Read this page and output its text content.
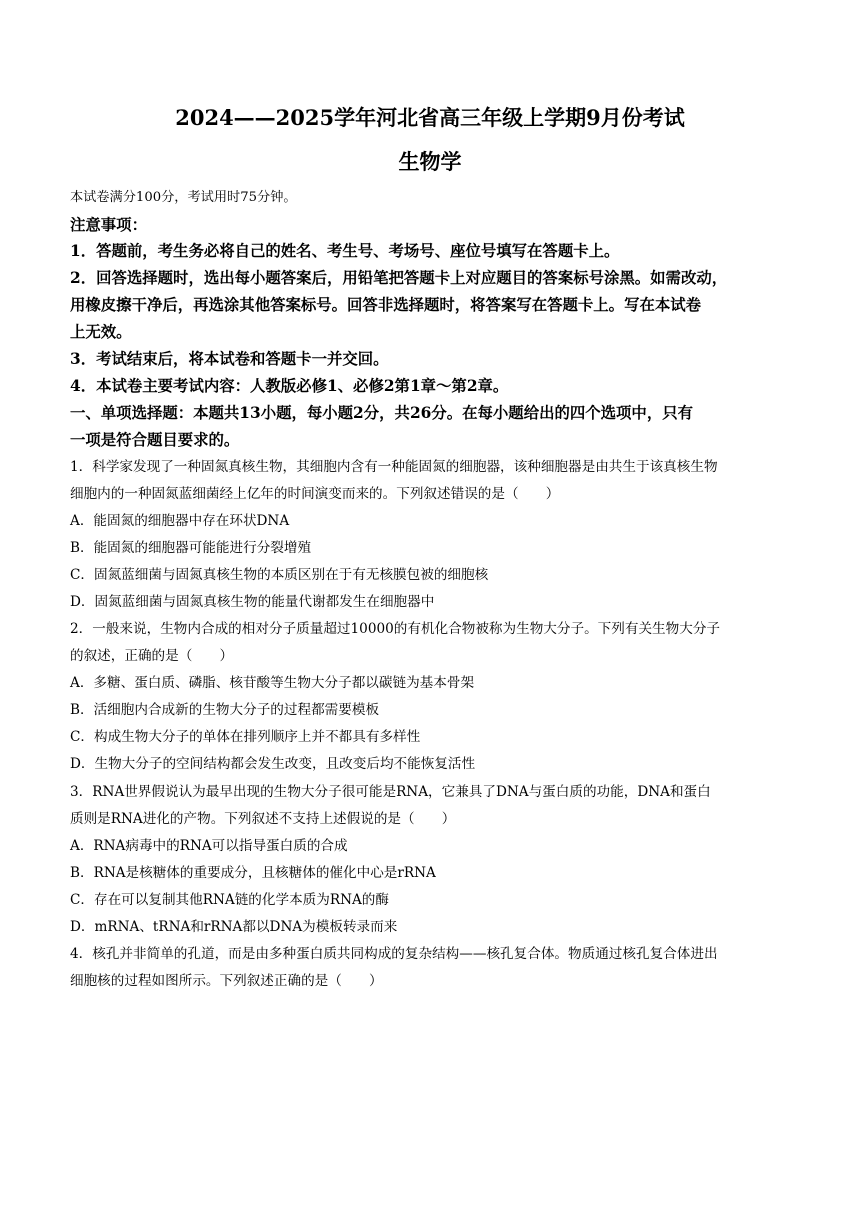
2024——2025学年河北省高三年级上学期9月份考试
生物学
本试卷满分100分，考试用时75分钟。
注意事项：
1．答题前，考生务必将自己的姓名、考生号、考场号、座位号填写在答题卡上。
2．回答选择题时，选出每小题答案后，用铅笔把答题卡上对应题目的答案标号涂黑。如需改动，
用橡皮擦干净后，再选涂其他答案标号。回答非选择题时，将答案写在答题卡上。写在本试卷
上无效。
3．考试结束后，将本试卷和答题卡一并交回。
4．本试卷主要考试内容：人教版必修1、必修2第1章～第2章。
一、单项选择题：本题共13小题，每小题2分，共26分。在每小题给出的四个选项中，只有
一项是符合题目要求的。
1．科学家发现了一种固氮真核生物，其细胞内含有一种能固氮的细胞器，该种细胞器是由共生于该真核生物
细胞内的一种固氮蓝细菌经上亿年的时间演变而来的。下列叙述错误的是（　　）
A．能固氮的细胞器中存在环状DNA
B．能固氮的细胞器可能能进行分裂增殖
C．固氮蓝细菌与固氮真核生物的本质区别在于有无核膜包被的细胞核
D．固氮蓝细菌与固氮真核生物的能量代谢都发生在细胞器中
2．一般来说，生物内合成的相对分子质量超过10000的有机化合物被称为生物大分子。下列有关生物大分子
的叙述，正确的是（　　）
A．多糖、蛋白质、磷脂、核苷酸等生物大分子都以碳链为基本骨架
B．活细胞内合成新的生物大分子的过程都需要模板
C．构成生物大分子的单体在排列顺序上并不都具有多样性
D．生物大分子的空间结构都会发生改变，且改变后均不能恢复活性
3．RNA世界假说认为最早出现的生物大分子很可能是RNA，它兼具了DNA与蛋白质的功能，DNA和蛋白
质则是RNA进化的产物。下列叙述不支持上述假说的是（　　）
A．RNA病毒中的RNA可以指导蛋白质的合成
B．RNA是核糖体的重要成分，且核糖体的催化中心是rRNA
C．存在可以复制其他RNA链的化学本质为RNA的酶
D．mRNA、tRNA和rRNA都以DNA为模板转录而来
4．核孔并非简单的孔道，而是由多种蛋白质共同构成的复杂结构——核孔复合体。物质通过核孔复合体进出
细胞核的过程如图所示。下列叙述正确的是（　　）
